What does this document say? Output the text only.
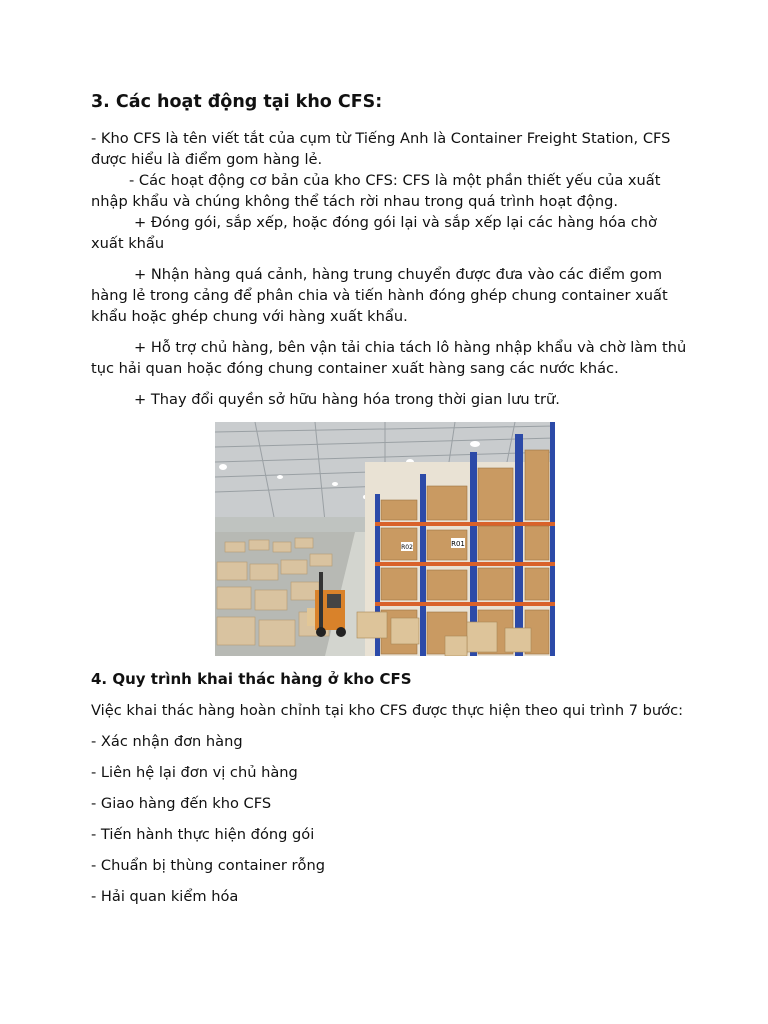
3. Các hoạt động tại kho CFS:

- Kho CFS là tên viết tắt của cụm từ Tiếng Anh là Container Freight Station, CFS được hiểu là điểm gom hàng lẻ.

- Các hoạt động cơ bản của kho CFS: CFS là một phần thiết yếu của xuất nhập khẩu và chúng không thể tách rời nhau trong quá trình hoạt động.

+ Đóng gói, sắp xếp, hoặc đóng gói lại và sắp xếp lại các hàng hóa chờ xuất khẩu

+ Nhận hàng quá cảnh, hàng trung chuyển được đưa vào các điểm gom hàng lẻ trong cảng để phân chia và tiến hành đóng ghép chung container xuất khẩu hoặc ghép chung với hàng xuất khẩu.

+ Hỗ trợ chủ hàng, bên vận tải chia tách lô hàng nhập khẩu và chờ làm thủ tục hải quan hoặc đóng chung container xuất hàng sang các nước khác.

+ Thay đổi quyền sở hữu hàng hóa trong thời gian lưu trữ.

R01
R02
4. Quy trình khai thác hàng ở kho CFS

Việc khai thác hàng hoàn chỉnh tại kho CFS được thực hiện theo qui trình 7 bước:

- Xác nhận đơn hàng
- Liên hệ lại đơn vị chủ hàng
- Giao hàng đến kho CFS
- Tiến hành thực hiện đóng gói
- Chuẩn bị thùng container rỗng
- Hải quan kiểm hóa
